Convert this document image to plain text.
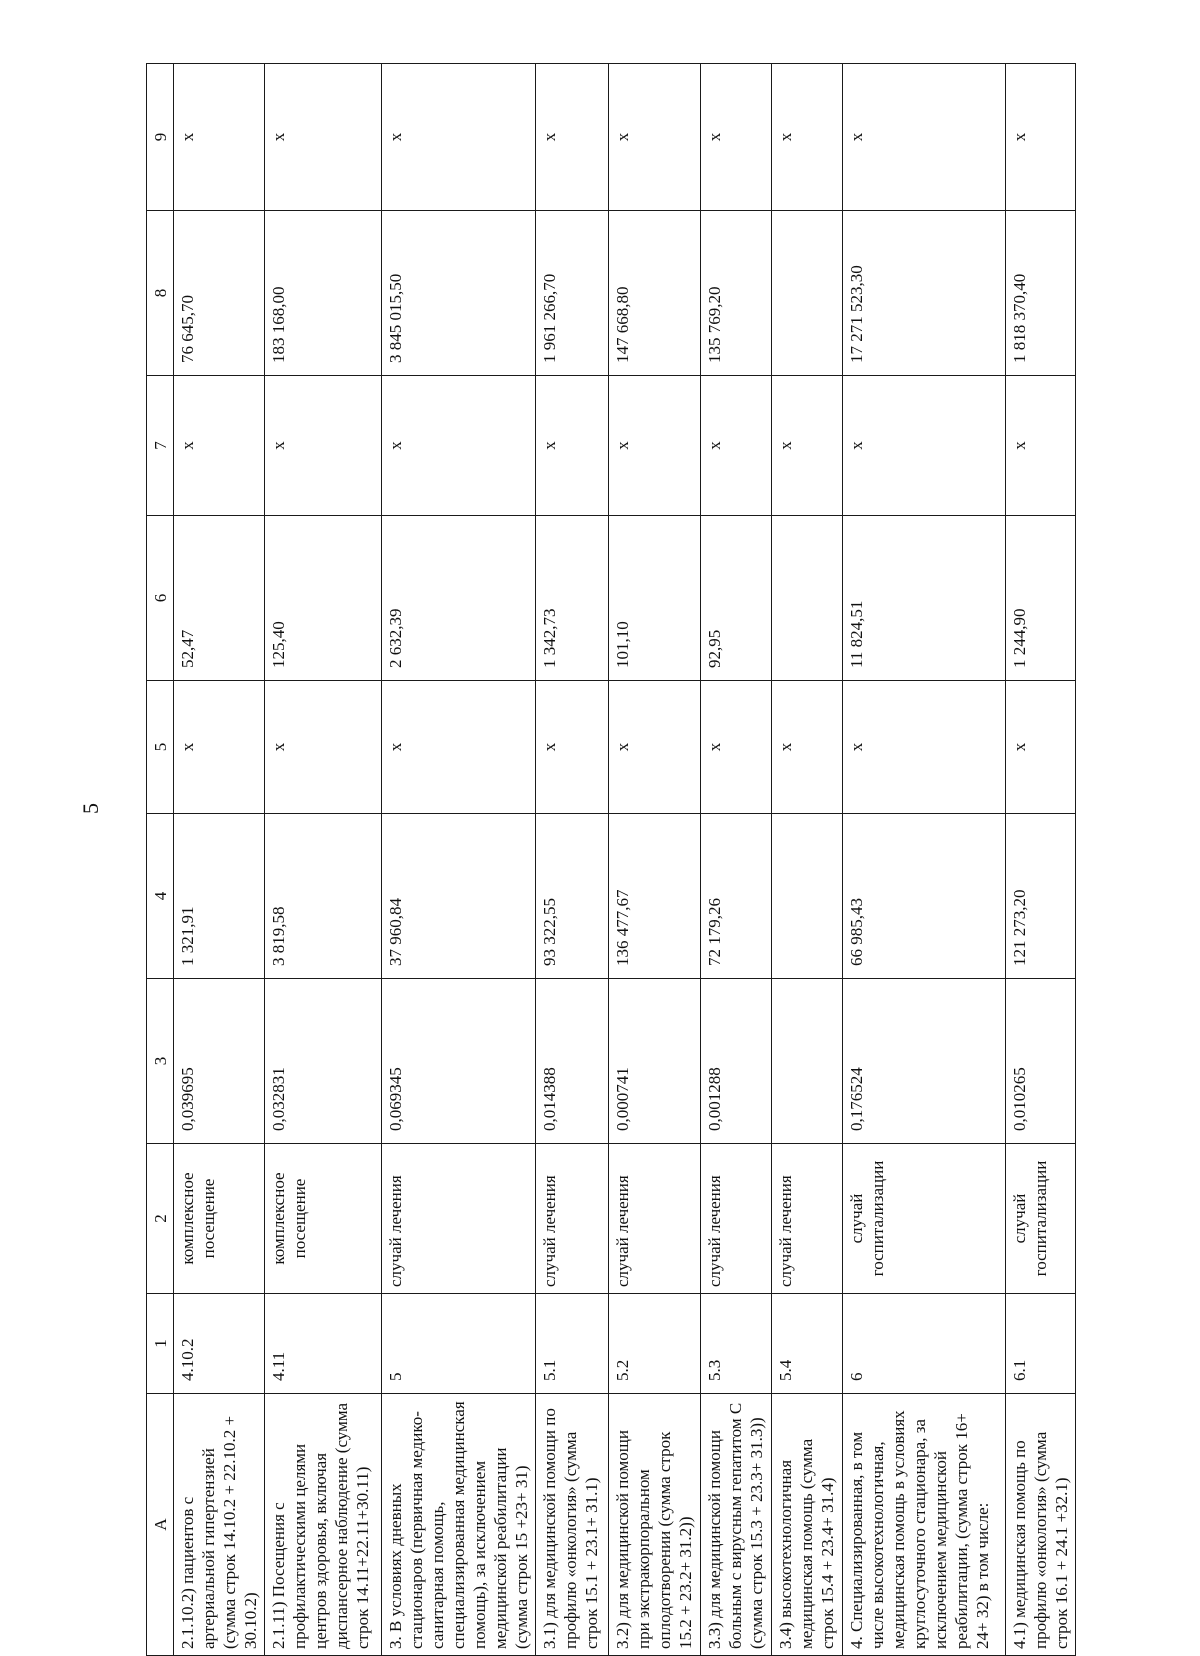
5
А	1	2	3	4	5	6	7	8	9
2.1.10.2) пациентов с артериальной гипертензией (сумма строк 14.10.2 + 22.10.2 + 30.10.2)	4.10.2	комплексное посещение	0,039695	1 321,91	х	52,47	х	76 645,70	х
2.1.11) Посещения с профилактическими целями центров здоровья, включая диспансерное наблюдение (сумма строк 14.11+22.11+30.11)	4.11	комплексное посещение	0,032831	3 819,58	х	125,40	х	183 168,00	х
3. В условиях дневных стационаров (первичная медико-санитарная помощь, специализированная медицинская помощь), за исключением медицинской реабилитации (сумма строк 15 +23+ 31)	5	случай лечения	0,069345	37 960,84	х	2 632,39	х	3 845 015,50	х
3.1) для медицинской помощи по профилю «онкология» (сумма строк 15.1 + 23.1+ 31.1)	5.1	случай лечения	0,014388	93 322,55	х	1 342,73	х	1 961 266,70	х
3.2) для медицинской помощи при экстракорпоральном оплодотворении (сумма строк 15.2 + 23.2+ 31.2))	5.2	случай лечения	0,000741	136 477,67	х	101,10	х	147 668,80	х
3.3) для медицинской помощи больным с вирусным гепатитом С (сумма строк 15.3 + 23.3+ 31.3))	5.3	случай лечения	0,001288	72 179,26	х	92,95	х	135 769,20	х
3.4) высокотехнологичная медицинская помощь (сумма строк 15.4 + 23.4+ 31.4)	5.4	случай лечения			х		х		х
4. Специализированная, в том числе высокотехнологичная, медицинская помощь в условиях круглосуточного стационара, за исключением медицинской реабилитации, (сумма строк 16+ 24+ 32) в том числе:	6	случай госпитализации	0,176524	66 985,43	х	11 824,51	х	17 271 523,30	х
4.1) медицинская помощь по профилю «онкология» (сумма строк 16.1 + 24.1 +32.1)	6.1	случай госпитализации	0,010265	121 273,20	х	1 244,90	х	1 818 370,40	х
